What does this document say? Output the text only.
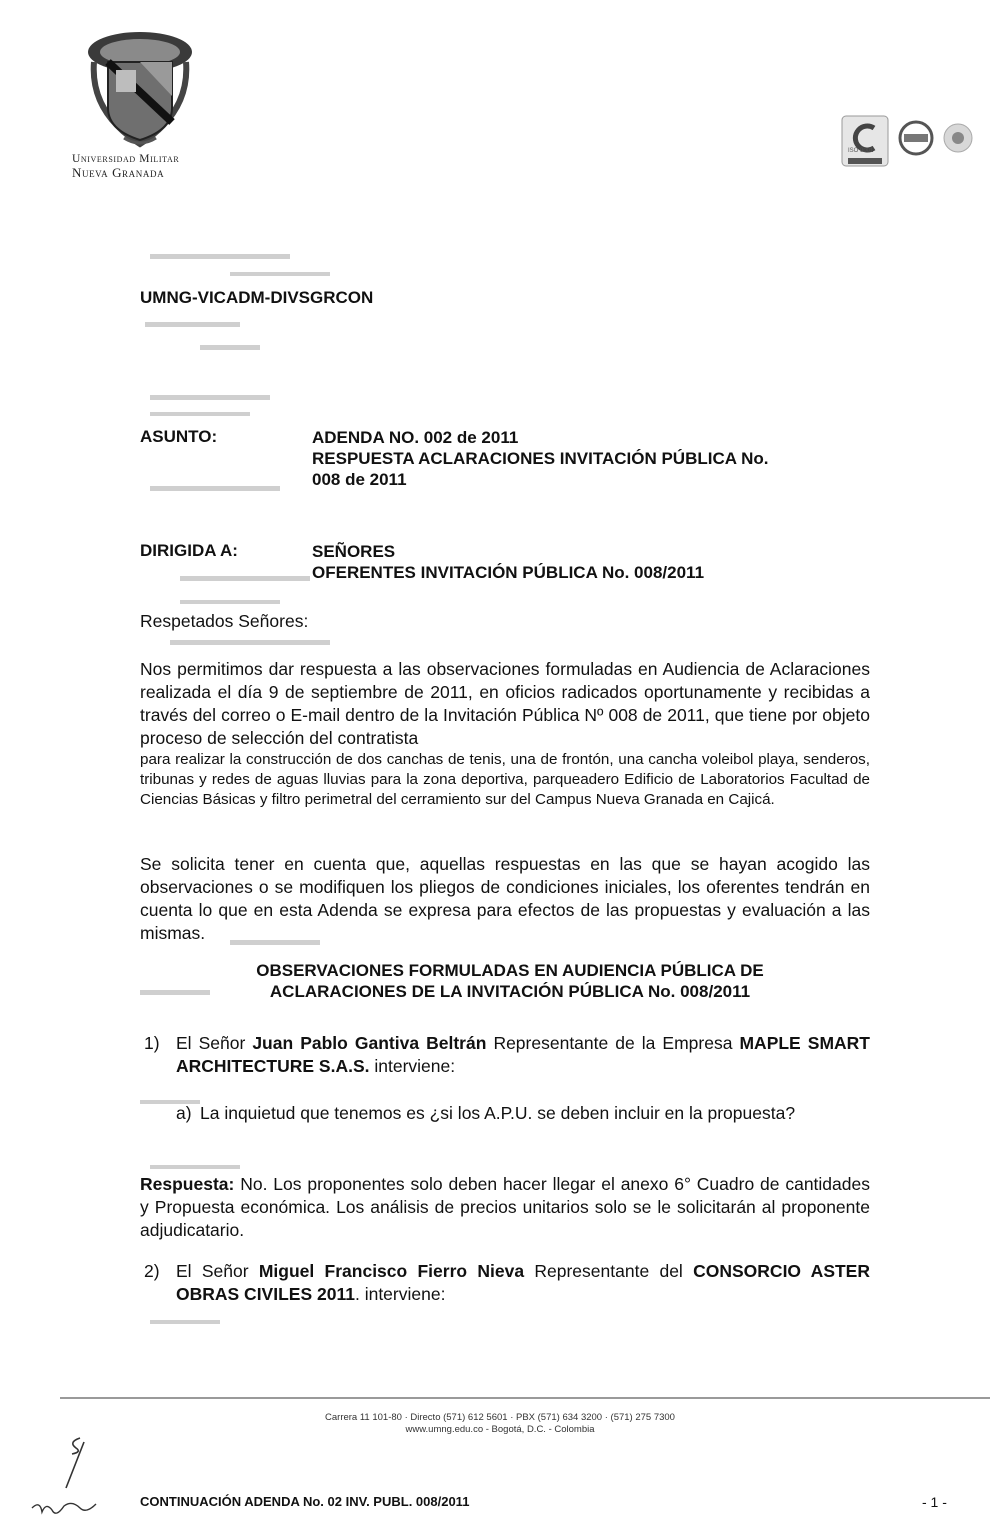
Universidad Militar
Nueva Granada
ISO 9001
UMNG-VICADM-DIVSGRCON
ASUNTO:	ADENDA NO. 002 de 2011
RESPUESTA ACLARACIONES INVITACIÓN PÚBLICA No.
008 de 2011
DIRIGIDA A:	SEÑORES
OFERENTES INVITACIÓN PÚBLICA No. 008/2011
Respetados Señores:
Nos permitimos dar respuesta a las observaciones formuladas en Audiencia de Aclaraciones realizada el día 9 de septiembre de 2011, en oficios radicados oportunamente y recibidas a través del correo o E-mail dentro de la Invitación Pública Nº 008 de 2011, que tiene por objeto proceso de selección del contratista
para realizar la construcción de dos canchas de tenis, una de frontón, una cancha voleibol playa, senderos, tribunas y redes de aguas lluvias para la zona deportiva, parqueadero Edificio de Laboratorios Facultad de Ciencias Básicas y filtro perimetral del cerramiento sur del Campus Nueva Granada en Cajicá.
Se solicita tener en cuenta que, aquellas respuestas en las que se hayan acogido las observaciones o se modifiquen los pliegos de condiciones iniciales, los oferentes tendrán en cuenta lo que en esta Adenda se expresa para efectos de las propuestas y evaluación a las mismas.
OBSERVACIONES FORMULADAS EN AUDIENCIA PÚBLICA DE
ACLARACIONES DE LA INVITACIÓN PÚBLICA No. 008/2011
1) El Señor Juan Pablo Gantiva Beltrán Representante de la Empresa MAPLE SMART ARCHITECTURE S.A.S. interviene:
a) La inquietud que tenemos es ¿si los A.P.U. se deben incluir en la propuesta?
Respuesta: No. Los proponentes solo deben hacer llegar el anexo 6° Cuadro de cantidades y Propuesta económica. Los análisis de precios unitarios solo se le solicitarán al proponente adjudicatario.
2) El Señor Miguel Francisco Fierro Nieva Representante del CONSORCIO ASTER OBRAS CIVILES 2011. interviene:
Carrera 11 101-80 · Directo (571) 612 5601 · PBX (571) 634 3200 · (571) 275 7300
www.umng.edu.co - Bogotá, D.C. - Colombia
CONTINUACIÓN ADENDA No. 02 INV. PUBL. 008/2011	- 1 -
